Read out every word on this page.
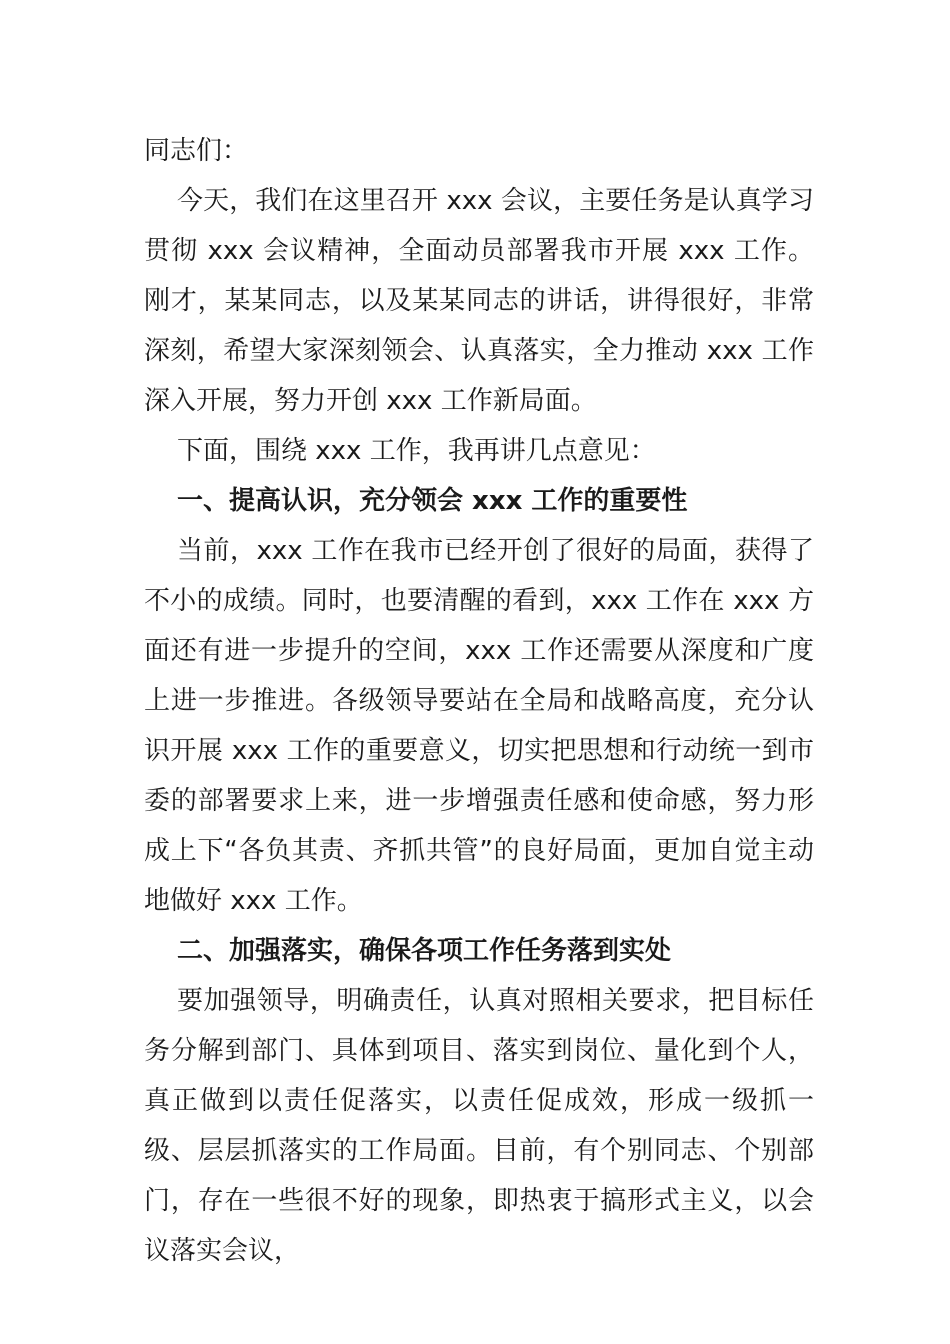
同志们：

今天，我们在这里召开 xxx 会议，主要任务是认真学习贯彻 xxx 会议精神，全面动员部署我市开展 xxx 工作。刚才，某某同志，以及某某同志的讲话，讲得很好，非常深刻，希望大家深刻领会、认真落实，全力推动 xxx 工作深入开展，努力开创 xxx 工作新局面。

下面，围绕 xxx 工作，我再讲几点意见：

一、提高认识，充分领会 xxx 工作的重要性

当前，xxx 工作在我市已经开创了很好的局面，获得了不小的成绩。同时，也要清醒的看到，xxx 工作在 xxx 方面还有进一步提升的空间，xxx 工作还需要从深度和广度上进一步推进。各级领导要站在全局和战略高度，充分认识开展 xxx 工作的重要意义，切实把思想和行动统一到市委的部署要求上来，进一步增强责任感和使命感，努力形成上下“各负其责、齐抓共管”的良好局面，更加自觉主动地做好 xxx 工作。

二、加强落实，确保各项工作任务落到实处

要加强领导，明确责任，认真对照相关要求，把目标任务分解到部门、具体到项目、落实到岗位、量化到个人，真正做到以责任促落实，以责任促成效，形成一级抓一级、层层抓落实的工作局面。目前，有个别同志、个别部门，存在一些很不好的现象，即热衷于搞形式主义，以会议落实会议，
